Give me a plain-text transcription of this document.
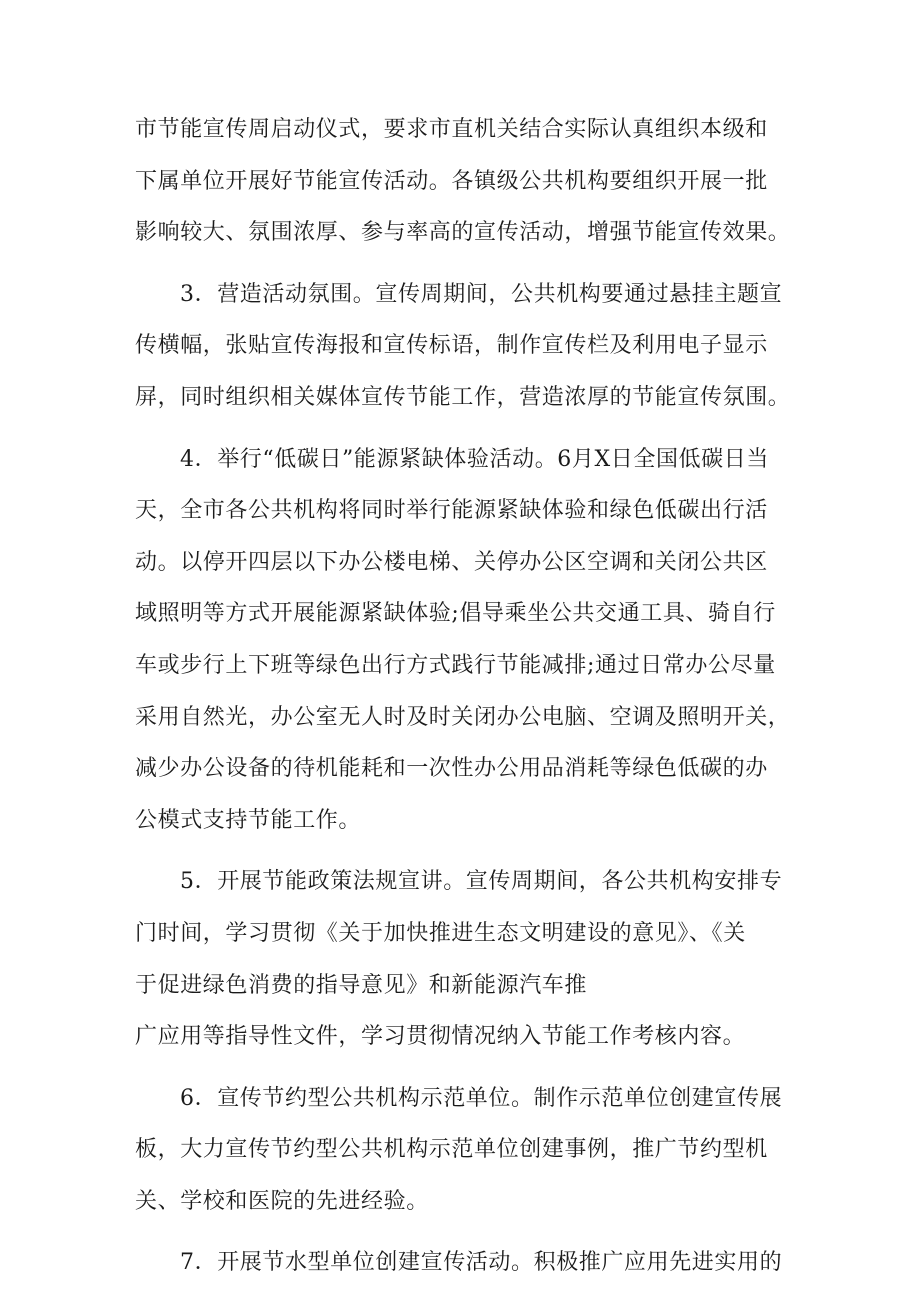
市节能宣传周启动仪式，要求市直机关结合实际认真组织本级和
下属单位开展好节能宣传活动。各镇级公共机构要组织开展一批
影响较大、氛围浓厚、参与率高的宣传活动，增强节能宣传效果。
3．营造活动氛围。宣传周期间，公共机构要通过悬挂主题宣
传横幅，张贴宣传海报和宣传标语，制作宣传栏及利用电子显示
屏，同时组织相关媒体宣传节能工作，营造浓厚的节能宣传氛围。
4．举行“低碳日”能源紧缺体验活动。6月X日全国低碳日当
天，全市各公共机构将同时举行能源紧缺体验和绿色低碳出行活
动。以停开四层以下办公楼电梯、关停办公区空调和关闭公共区
域照明等方式开展能源紧缺体验;倡导乘坐公共交通工具、骑自行
车或步行上下班等绿色出行方式践行节能减排;通过日常办公尽量
采用自然光，办公室无人时及时关闭办公电脑、空调及照明开关，
减少办公设备的待机能耗和一次性办公用品消耗等绿色低碳的办
公模式支持节能工作。
5．开展节能政策法规宣讲。宣传周期间，各公共机构安排专
门时间，学习贯彻《关于加快推进生态文明建设的意见》、《关
于促进绿色消费的指导意见》和新能源汽车推
广应用等指导性文件，学习贯彻情况纳入节能工作考核内容。
6．宣传节约型公共机构示范单位。制作示范单位创建宣传展
板，大力宣传节约型公共机构示范单位创建事例，推广节约型机
关、学校和医院的先进经验。
7．开展节水型单位创建宣传活动。积极推广应用先进实用的
